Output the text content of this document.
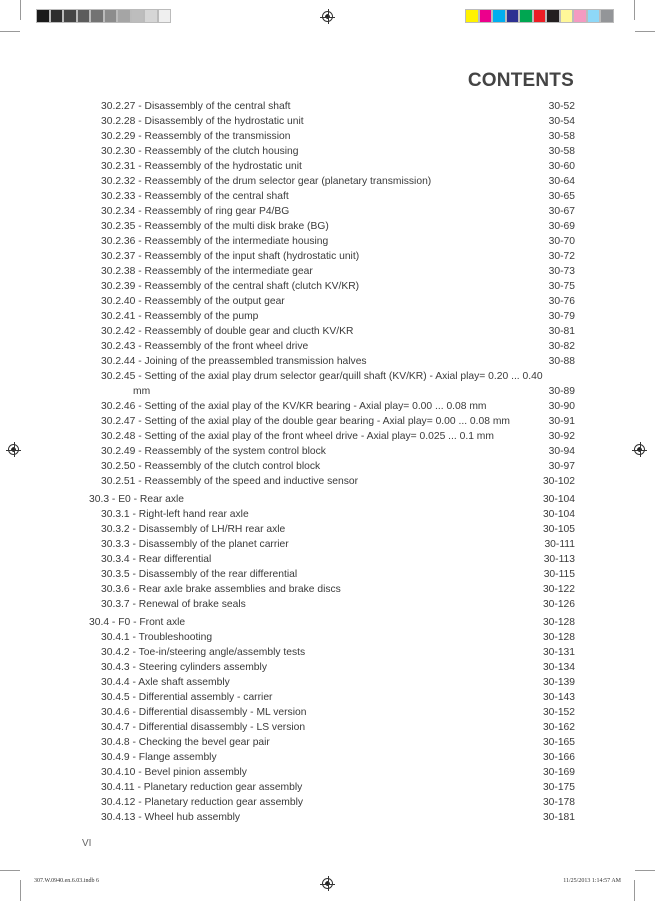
CONTENTS
30.2.27 - Disassembly of the central shaft	30-52
30.2.28 - Disassembly of the hydrostatic unit	30-54
30.2.29 - Reassembly of the transmission	30-58
30.2.30 - Reassembly of the clutch housing	30-58
30.2.31 - Reassembly of the hydrostatic unit	30-60
30.2.32 - Reassembly of the drum selector gear (planetary transmission)	30-64
30.2.33 - Reassembly of the central shaft	30-65
30.2.34 - Reassembly of ring gear P4/BG	30-67
30.2.35 - Reassembly of the multi disk brake (BG)	30-69
30.2.36 - Reassembly of the intermediate housing	30-70
30.2.37 - Reassembly of the input shaft (hydrostatic unit)	30-72
30.2.38 - Reassembly of the intermediate gear	30-73
30.2.39 - Reassembly of the central shaft (clutch KV/KR)	30-75
30.2.40 - Reassembly of the output gear	30-76
30.2.41 - Reassembly of the pump	30-79
30.2.42 - Reassembly of double gear and clucth KV/KR	30-81
30.2.43 - Reassembly of the front wheel drive	30-82
30.2.44 - Joining of the preassembled transmission halves	30-88
30.2.45 - Setting of the axial play drum selector gear/quill shaft (KV/KR) - Axial play= 0.20 ... 0.40
mm	30-89
30.2.46 - Setting of the axial play of the KV/KR bearing - Axial play= 0.00 ... 0.08 mm	30-90
30.2.47 - Setting of the axial play of the double gear bearing - Axial play= 0.00 ... 0.08 mm	30-91
30.2.48 - Setting of the axial play of the front wheel drive - Axial play= 0.025 ... 0.1 mm	30-92
30.2.49 - Reassembly of the system control block	30-94
30.2.50 - Reassembly of the clutch control block	30-97
30.2.51 - Reassembly of the speed and inductive sensor	30-102
30.3 - E0 - Rear axle	30-104
30.3.1 - Right-left hand rear axle	30-104
30.3.2 - Disassembly of LH/RH rear axle	30-105
30.3.3 - Disassembly of the planet carrier	30-111
30.3.4 - Rear differential	30-113
30.3.5 - Disassembly of the rear differential	30-115
30.3.6 - Rear axle brake assemblies and brake discs	30-122
30.3.7 - Renewal of brake seals	30-126
30.4 - F0 - Front axle	30-128
30.4.1 - Troubleshooting	30-128
30.4.2 - Toe-in/steering angle/assembly tests	30-131
30.4.3 - Steering cylinders assembly	30-134
30.4.4 - Axle shaft assembly	30-139
30.4.5 - Differential assembly - carrier	30-143
30.4.6 - Differential disassembly - ML version	30-152
30.4.7 - Differential disassembly - LS version	30-162
30.4.8 - Checking the bevel gear pair	30-165
30.4.9 - Flange assembly	30-166
30.4.10 - Bevel pinion assembly	30-169
30.4.11 - Planetary reduction gear assembly	30-175
30.4.12 - Planetary reduction gear assembly	30-178
30.4.13 - Wheel hub assembly	30-181
VI
307.W.0940.en.6.03.indb 6	11/25/2013 1:14:57 AM
